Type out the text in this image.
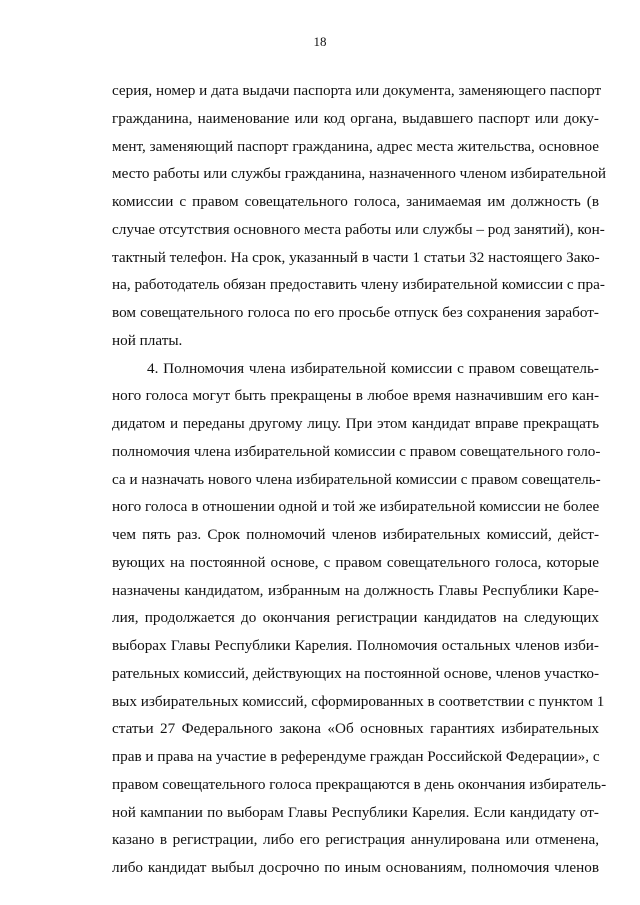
18
серия, номер и дата выдачи паспорта или документа, заменяющего паспорт
гражданина, наименование или код органа, выдавшего паспорт или доку-
мент, заменяющий паспорт гражданина, адрес места жительства, основное
место работы или службы гражданина, назначенного членом избирательной
комиссии с правом совещательного голоса, занимаемая им должность (в
случае отсутствия основного места работы или службы – род занятий), кон-
тактный телефон. На срок, указанный в части 1 статьи 32 настоящего Зако-
на, работодатель обязан предоставить члену избирательной комиссии с пра-
вом совещательного голоса по его просьбе отпуск без сохранения заработ-
ной платы.
4. Полномочия члена избирательной комиссии с правом совещатель-
ного голоса могут быть прекращены в любое время назначившим его кан-
дидатом и переданы другому лицу. При этом кандидат вправе прекращать
полномочия члена избирательной комиссии с правом совещательного голо-
са и назначать нового члена избирательной комиссии с правом совещатель-
ного голоса в отношении одной и той же избирательной комиссии не более
чем пять раз. Срок полномочий членов избирательных комиссий, дейст-
вующих на постоянной основе, с правом совещательного голоса, которые
назначены кандидатом, избранным на должность Главы Республики Каре-
лия, продолжается до окончания регистрации кандидатов на следующих
выборах Главы Республики Карелия. Полномочия остальных членов изби-
рательных комиссий, действующих на постоянной основе, членов участко-
вых избирательных комиссий, сформированных в соответствии с пунктом 1
статьи 27 Федерального закона «Об основных гарантиях избирательных
прав и права на участие в референдуме граждан Российской Федерации», с
правом совещательного голоса прекращаются в день окончания избиратель-
ной кампании по выборам Главы Республики Карелия. Если кандидату от-
казано в регистрации, либо его регистрация аннулирована или отменена,
либо кандидат выбыл досрочно по иным основаниям, полномочия членов
